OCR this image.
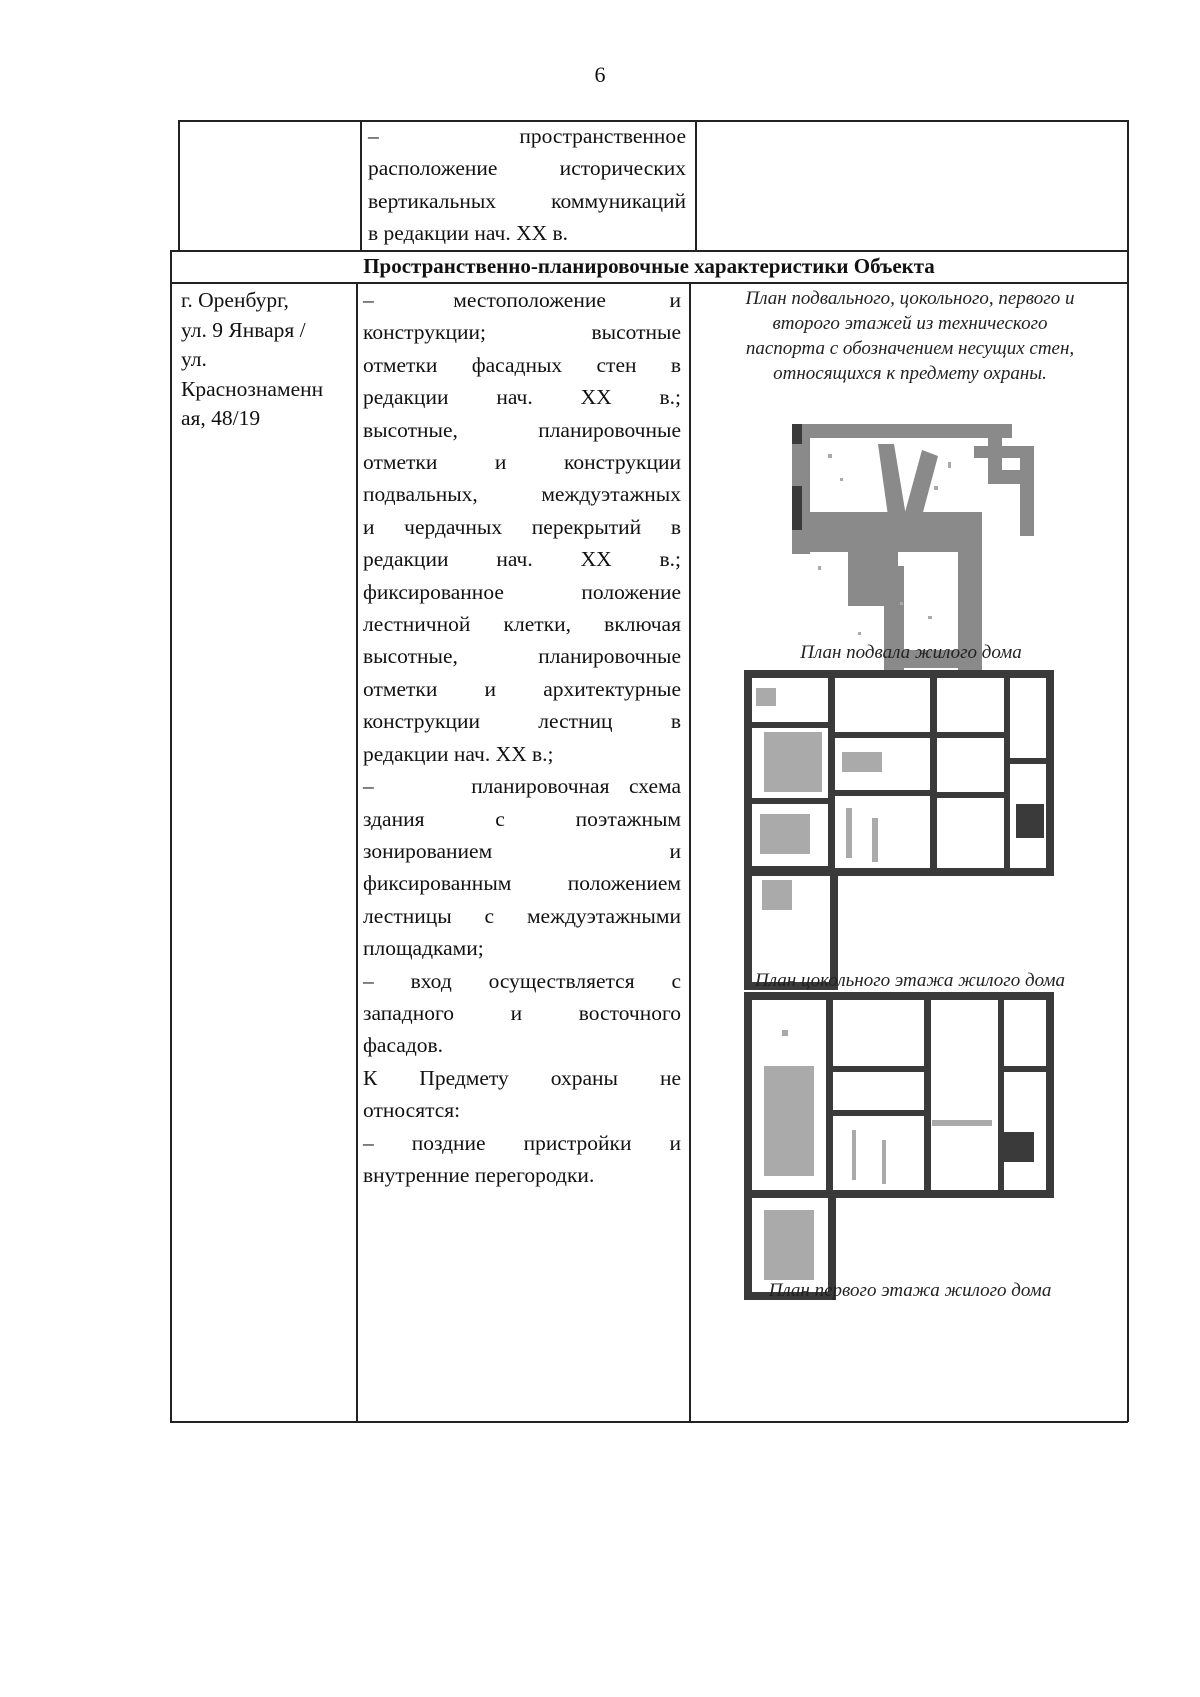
6
–          пространственное
расположение исторических
вертикальных коммуникаций
в редакции нач. XX в.
Пространственно-планировочные характеристики Объекта
г. Оренбург,
ул. 9 Января /
ул.
Краснознаменн
ая, 48/19
–          местоположение        и
конструкции;      высотные
отметки фасадных стен в
редакции нач. XX в.;
высотные, планировочные
отметки и конструкции
подвальных, междуэтажных
и чердачных перекрытий в
редакции нач. XX в.;
фиксированное положение
лестничной клетки, включая
высотные, планировочные
отметки и архитектурные
конструкции лестниц в
редакции нач. XX в.;
–     планировочная схема
здания с поэтажным
зонированием и
фиксированным положением
лестницы с междуэтажными
площадками;
– вход осуществляется с
западного и восточного
фасадов.
К Предмету охраны не
относятся:
– поздние пристройки и
внутренние перегородки.
План подвального, цокольного, первого и
второго этажей из технического
паспорта с обозначением несущих стен,
относящихся к предмету охраны.
План подвала жилого дома
План цокольного этажа жилого дома
План первого этажа жилого дома
